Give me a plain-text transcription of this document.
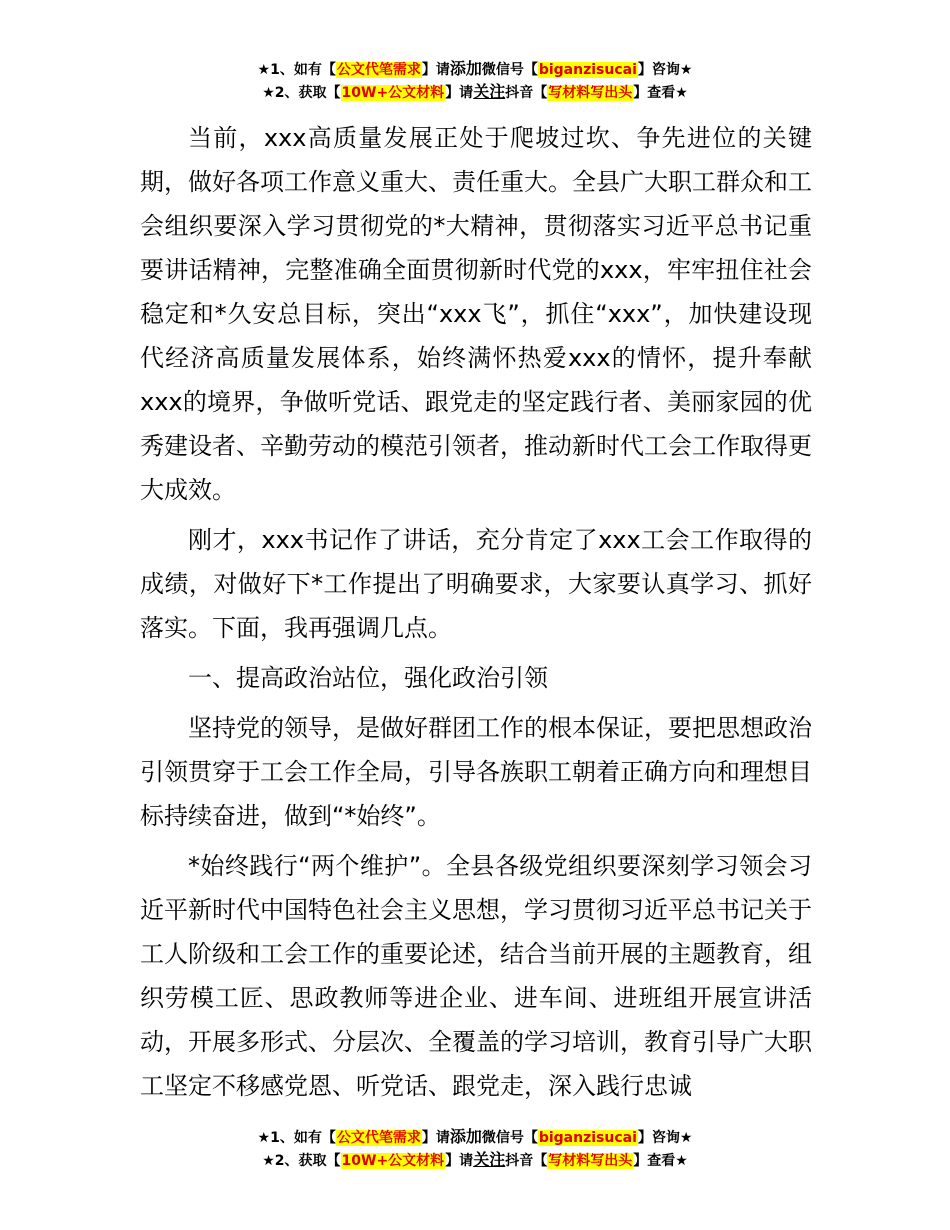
★1、如有【公文代笔需求】请添加微信号【biganzisucai】咨询★
★2、获取【10W+公文材料】请关注抖音【写材料写出头】查看★

当前，xxx高质量发展正处于爬坡过坎、争先进位的关键期，做好各项工作意义重大、责任重大。全县广大职工群众和工会组织要深入学习贯彻党的*大精神，贯彻落实习近平总书记重要讲话精神，完整准确全面贯彻新时代党的xxx，牢牢扭住社会稳定和*久安总目标，突出“xxx飞”，抓住“xxx”，加快建设现代经济高质量发展体系，始终满怀热爱xxx的情怀，提升奉献xxx的境界，争做听党话、跟党走的坚定践行者、美丽家园的优秀建设者、辛勤劳动的模范引领者，推动新时代工会工作取得更大成效。

刚才，xxx书记作了讲话，充分肯定了xxx工会工作取得的成绩，对做好下*工作提出了明确要求，大家要认真学习、抓好落实。下面，我再强调几点。

一、提高政治站位，强化政治引领

坚持党的领导，是做好群团工作的根本保证，要把思想政治引领贯穿于工会工作全局，引导各族职工朝着正确方向和理想目标持续奋进，做到“*始终”。

*始终践行“两个维护”。全县各级党组织要深刻学习领会习近平新时代中国特色社会主义思想，学习贯彻习近平总书记关于工人阶级和工会工作的重要论述，结合当前开展的主题教育，组织劳模工匠、思政教师等进企业、进车间、进班组开展宣讲活动，开展多形式、分层次、全覆盖的学习培训，教育引导广大职工坚定不移感党恩、听党话、跟党走，深入践行忠诚

★1、如有【公文代笔需求】请添加微信号【biganzisucai】咨询★
★2、获取【10W+公文材料】请关注抖音【写材料写出头】查看★
